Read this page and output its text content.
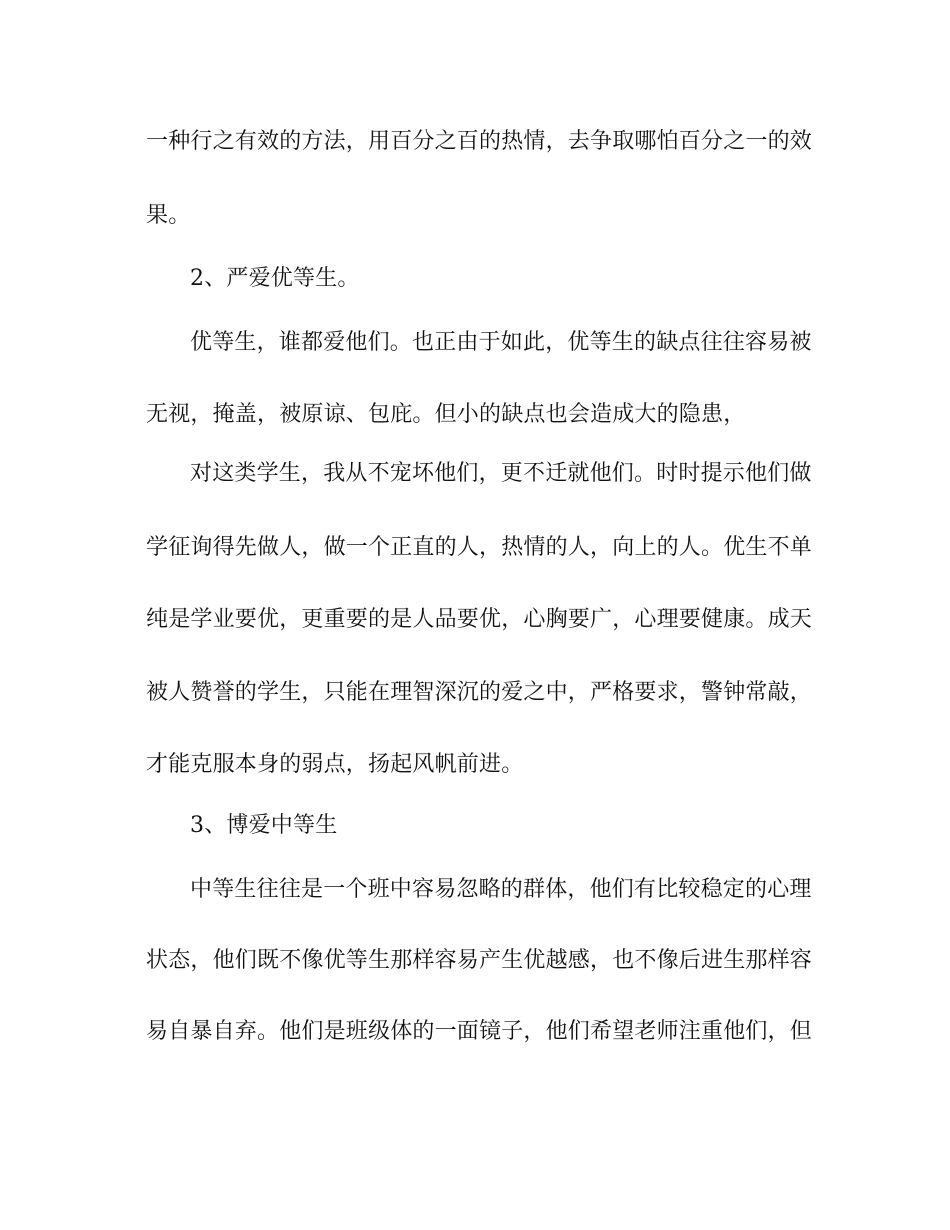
一种行之有效的方法，用百分之百的热情，去争取哪怕百分之一的效
果。
2、严爱优等生。
优等生，谁都爱他们。也正由于如此，优等生的缺点往往容易被
无视，掩盖，被原谅、包庇。但小的缺点也会造成大的隐患，
对这类学生，我从不宠坏他们，更不迁就他们。时时提示他们做
学征询得先做人，做一个正直的人，热情的人，向上的人。优生不单
纯是学业要优，更重要的是人品要优，心胸要广，心理要健康。成天
被人赞誉的学生，只能在理智深沉的爱之中，严格要求，警钟常敲，
才能克服本身的弱点，扬起风帆前进。
3、博爱中等生
中等生往往是一个班中容易忽略的群体，他们有比较稳定的心理
状态，他们既不像优等生那样容易产生优越感，也不像后进生那样容
易自暴自弃。他们是班级体的一面镜子，他们希望老师注重他们，但
